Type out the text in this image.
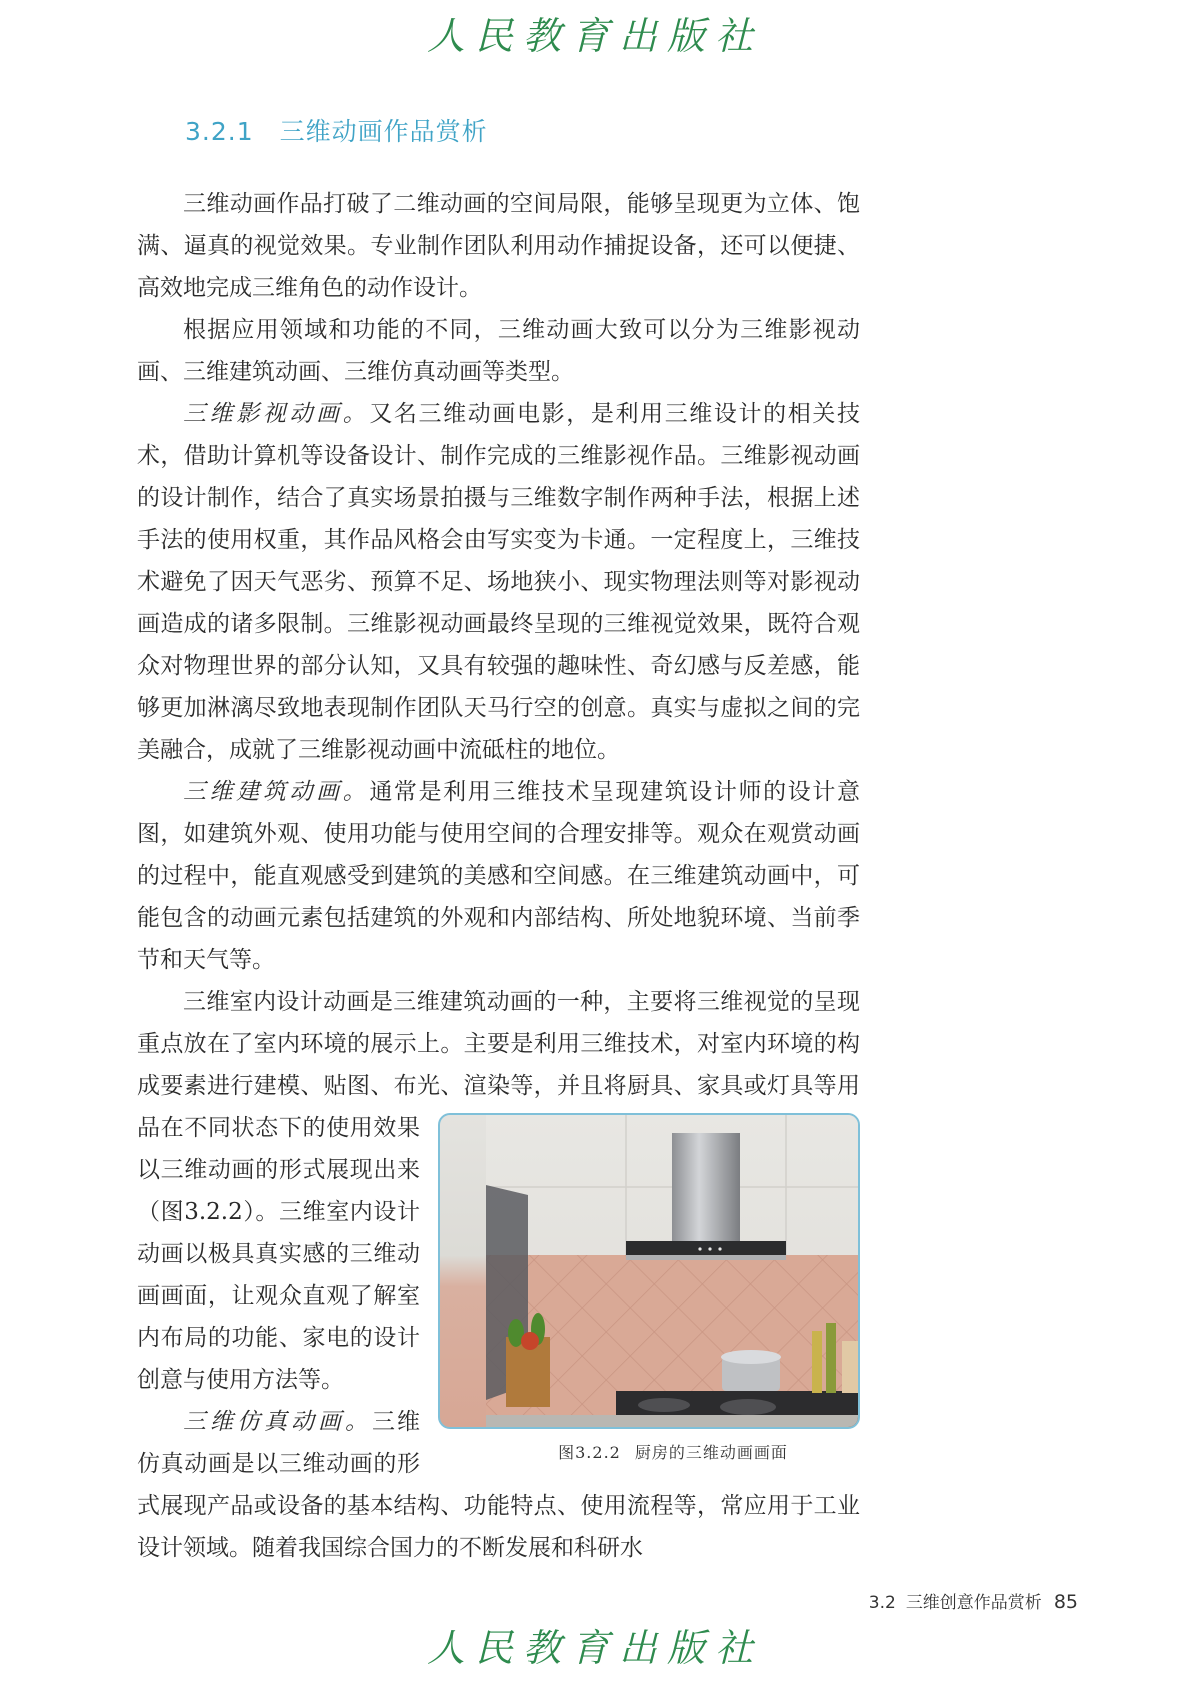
人民教育出版社
3.2.1 三维动画作品赏析

三维动画作品打破了二维动画的空间局限，能够呈现更为立体、饱满、逼真的视觉效果。专业制作团队利用动作捕捉设备，还可以便捷、高效地完成三维角色的动作设计。

根据应用领域和功能的不同，三维动画大致可以分为三维影视动画、三维建筑动画、三维仿真动画等类型。

三维影视动画。又名三维动画电影，是利用三维设计的相关技术，借助计算机等设备设计、制作完成的三维影视作品。三维影视动画的设计制作，结合了真实场景拍摄与三维数字制作两种手法，根据上述手法的使用权重，其作品风格会由写实变为卡通。一定程度上，三维技术避免了因天气恶劣、预算不足、场地狭小、现实物理法则等对影视动画造成的诸多限制。三维影视动画最终呈现的三维视觉效果，既符合观众对物理世界的部分认知，又具有较强的趣味性、奇幻感与反差感，能够更加淋漓尽致地表现制作团队天马行空的创意。真实与虚拟之间的完美融合，成就了三维影视动画中流砥柱的地位。

三维建筑动画。通常是利用三维技术呈现建筑设计师的设计意图，如建筑外观、使用功能与使用空间的合理安排等。观众在观赏动画的过程中，能直观感受到建筑的美感和空间感。在三维建筑动画中，可能包含的动画元素包括建筑的外观和内部结构、所处地貌环境、当前季节和天气等。

三维室内设计动画是三维建筑动画的一种，主要将三维视觉的呈现重点放在了室内环境的展示上。主要是利用三维技术，对室内环境的构成要素进行建模、贴图、布光、渲染等，并且将厨具、家
图3.2.2 厨房的三维动画画面
具或灯具等用品在不同状态下的使用效果以三维动画的形式展现出来（图3.2.2）。三维室内设计动画以极具真实感的三维动画画面，让观众直观了解室内布局的功能、家电的设计创意与使用方法等。

三维仿真动画。三维仿真动画是以三维动画的形式展现产品或设备的基本结构、功能特点、使用流程等，常应用于工业设计领域。随着我国综合国力的不断发展和科研水

3.2 三维创意作品赏析 85
人民教育出版社
